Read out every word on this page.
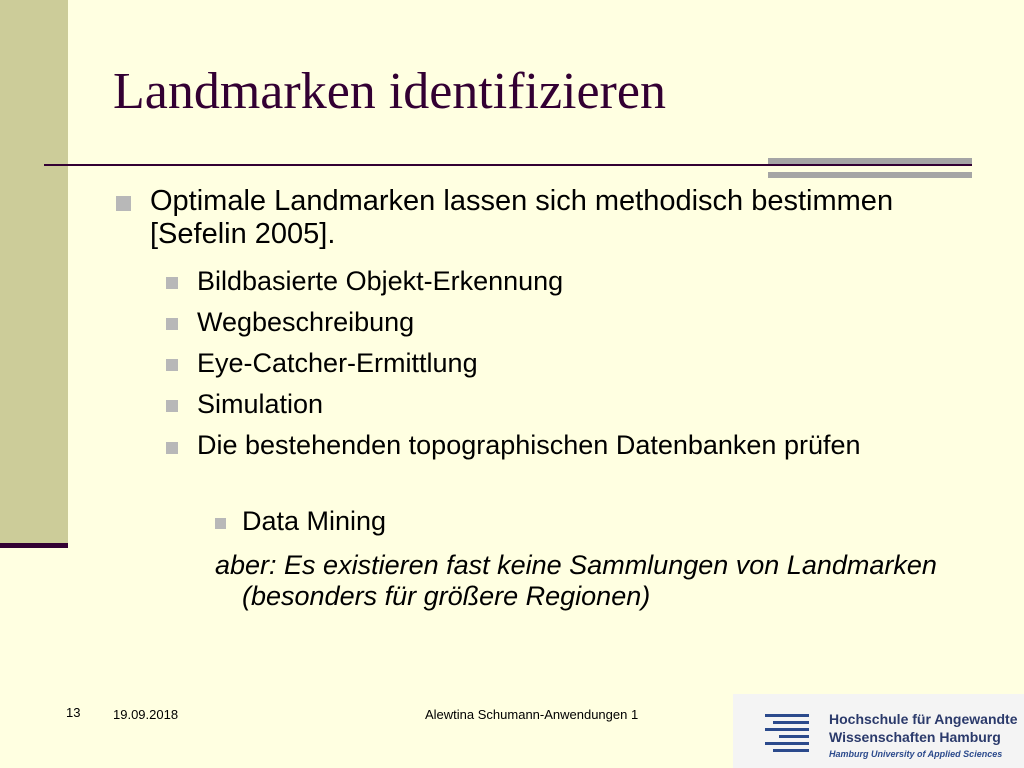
Landmarken identifizieren
Optimale Landmarken lassen sich methodisch bestimmen [Sefelin 2005].
Bildbasierte Objekt-Erkennung
Wegbeschreibung
Eye-Catcher-Ermittlung
Simulation
Die bestehenden topographischen Datenbanken prüfen
Data Mining
aber: Es existieren fast keine Sammlungen von Landmarken (besonders für größere Regionen)
13	19.09.2018	Alewtina Schumann-Anwendungen 1	Hochschule für Angewandte
Wissenschaften Hamburg
Hamburg University of Applied Sciences
